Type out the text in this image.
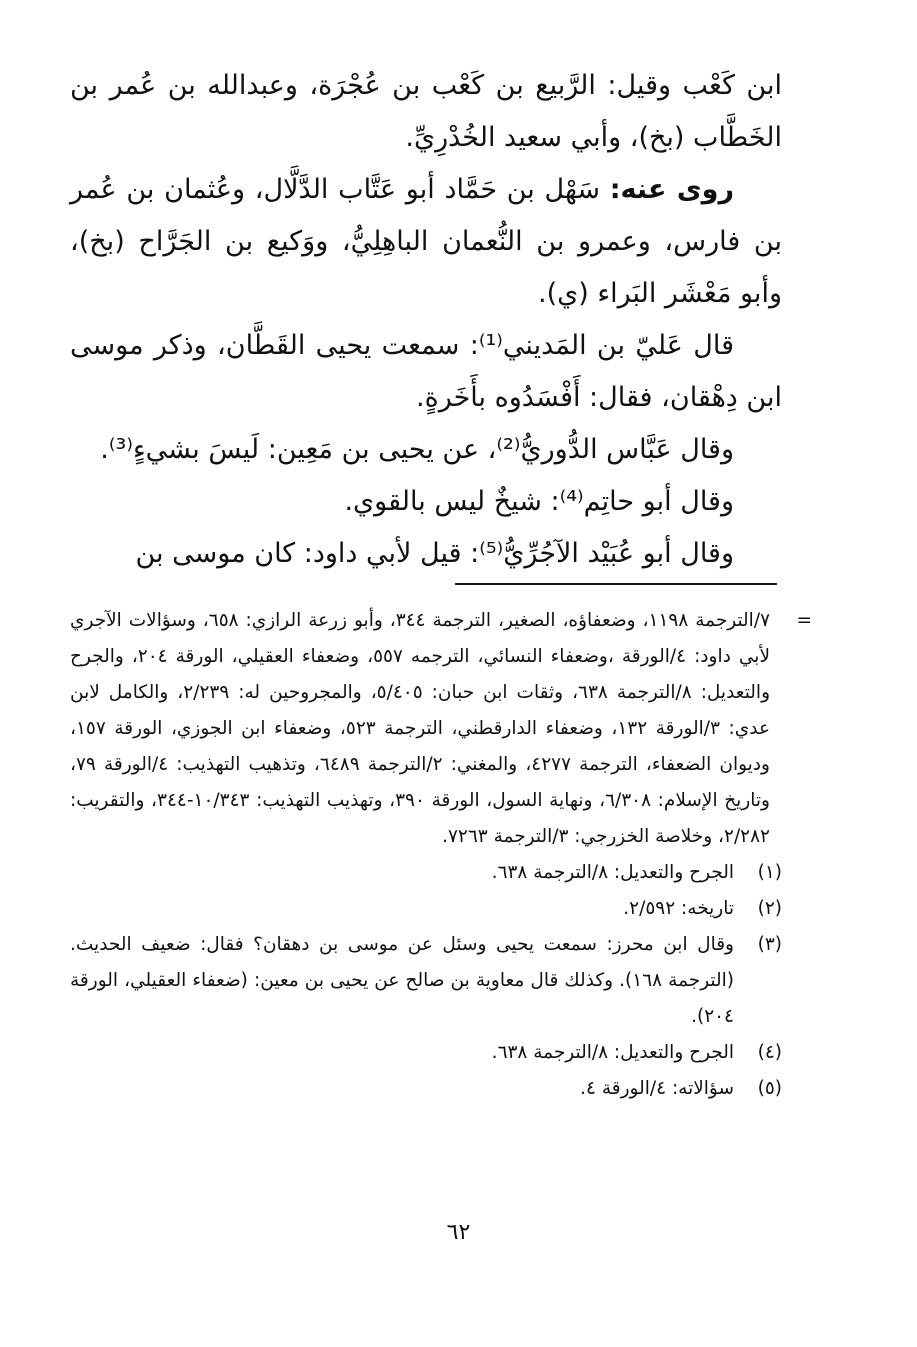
ابن كَعْب وقيل: الرَّبيع بن كَعْب بن عُجْرَة، وعبدالله بن عُمر بن الخَطَّاب (بخ)، وأبي سعيد الخُدْرِيِّ.

روى عنه: سَهْل بن حَمَّاد أبو عَتَّاب الدَّلَّال، وعُثمان بن عُمر بن فارس، وعمرو بن النُّعمان الباهِلِيُّ، ووَكيع بن الجَرَّاح (بخ)، وأبو مَعْشَر البَراء (ي).

قال عَليّ بن المَديني⁽¹⁾: سمعت يحيى القَطَّان، وذكر موسى ابن دِهْقان، فقال: أَفْسَدُوه بأَخَرةٍ.

وقال عَبَّاس الدُّوريُّ⁽²⁾، عن يحيى بن مَعِين: لَيسَ بشيءٍ⁽³⁾.

وقال أبو حاتِم⁽⁴⁾: شيخٌ ليس بالقوي.

وقال أبو عُبَيْد الآجُرِّيُّ⁽⁵⁾: قيل لأبي داود: كان موسى بن

=
٧/الترجمة ١١٩٨، وضعفاؤه، الصغير، الترجمة ٣٤٤، وأبو زرعة الرازي: ٦٥٨، وسؤالات الآجري لأبي داود: ٤/الورقة ،وضعفاء النسائي، الترجمه ٥٥٧، وضعفاء العقيلي، الورقة ٢٠٤، والجرح والتعديل: ٨/الترجمة ٦٣٨، وثقات ابن حبان: ٥/٤٠٥، والمجروحين له: ٢/٢٣٩، والكامل لابن عدي: ٣/الورقة ١٣٢، وضعفاء الدارقطني، الترجمة ٥٢٣، وضعفاء ابن الجوزي، الورقة ١٥٧، وديوان الضعفاء، الترجمة ٤٢٧٧، والمغني: ٢/الترجمة ٦٤٨٩، وتذهيب التهذيب: ٤/الورقة ٧٩، وتاريخ الإسلام: ٦/٣٠٨، ونهاية السول، الورقة ٣٩٠، وتهذيب التهذيب: ١٠/٣٤٣-٣٤٤، والتقريب: ٢/٢٨٢، وخلاصة الخزرجي: ٣/الترجمة ٧٢٦٣.

(١)
الجرح والتعديل: ٨/الترجمة ٦٣٨.
(٢)
تاريخه: ٢/٥٩٢.
(٣)
وقال ابن محرز: سمعت يحيى وسئل عن موسى بن دهقان؟ فقال: ضعيف الحديث. (الترجمة ١٦٨). وكذلك قال معاوية بن صالح عن يحيى بن معين: (ضعفاء العقيلي، الورقة ٢٠٤).
(٤)
الجرح والتعديل: ٨/الترجمة ٦٣٨.
(٥)
سؤالاته: ٤/الورقة ٤.
٦٢
